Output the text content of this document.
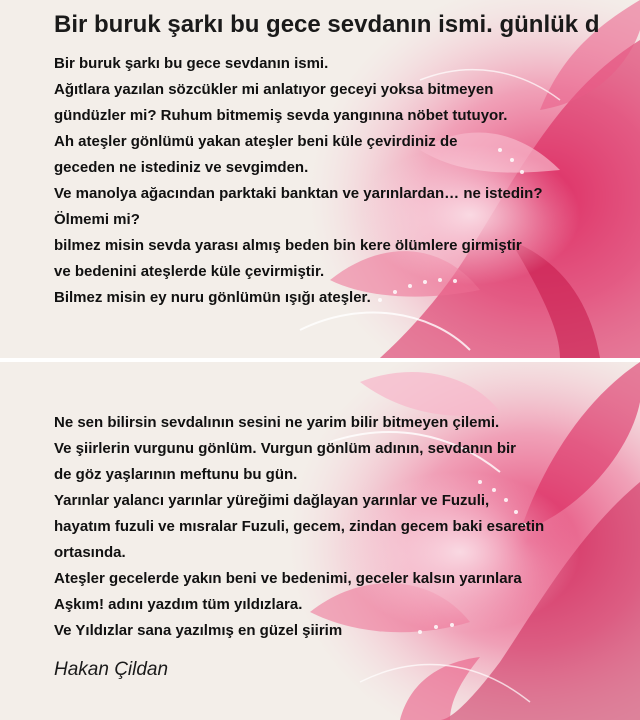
Bir buruk şarkı bu gece sevdanın ismi. günlük d
Bir buruk şarkı bu gece sevdanın ismi.
Ağıtlara yazılan sözcükler mi anlatıyor geceyi yoksa bitmeyen
gündüzler mi? Ruhum bitmemiş sevda yangınına nöbet tutuyor.
Ah ateşler gönlümü yakan ateşler beni küle çevirdiniz de
geceden ne istediniz ve sevgimden.
Ve manolya ağacından parktaki banktan ve yarınlardan… ne istedin?
Ölmemi mi?
bilmez misin sevda yarası almış beden bin kere ölümlere girmiştir
ve bedenini ateşlerde küle çevirmiştir.
Bilmez misin ey nuru gönlümün ışığı ateşler.
Ne sen bilirsin sevdalının sesini ne yarim bilir bitmeyen çilemi.
Ve şiirlerin vurgunu gönlüm. Vurgun gönlüm adının, sevdanın bir
de göz yaşlarının meftunu bu gün.
Yarınlar yalancı yarınlar yüreğimi dağlayan yarınlar ve Fuzuli,
hayatım fuzuli ve mısralar Fuzuli, gecem, zindan gecem baki esaretin
ortasında.
Ateşler gecelerde yakın beni ve bedenimi, geceler kalsın yarınlara
Aşkım! adını yazdım tüm yıldızlara.
Ve Yıldızlar sana yazılmış en güzel şiirim
Hakan Çildan
